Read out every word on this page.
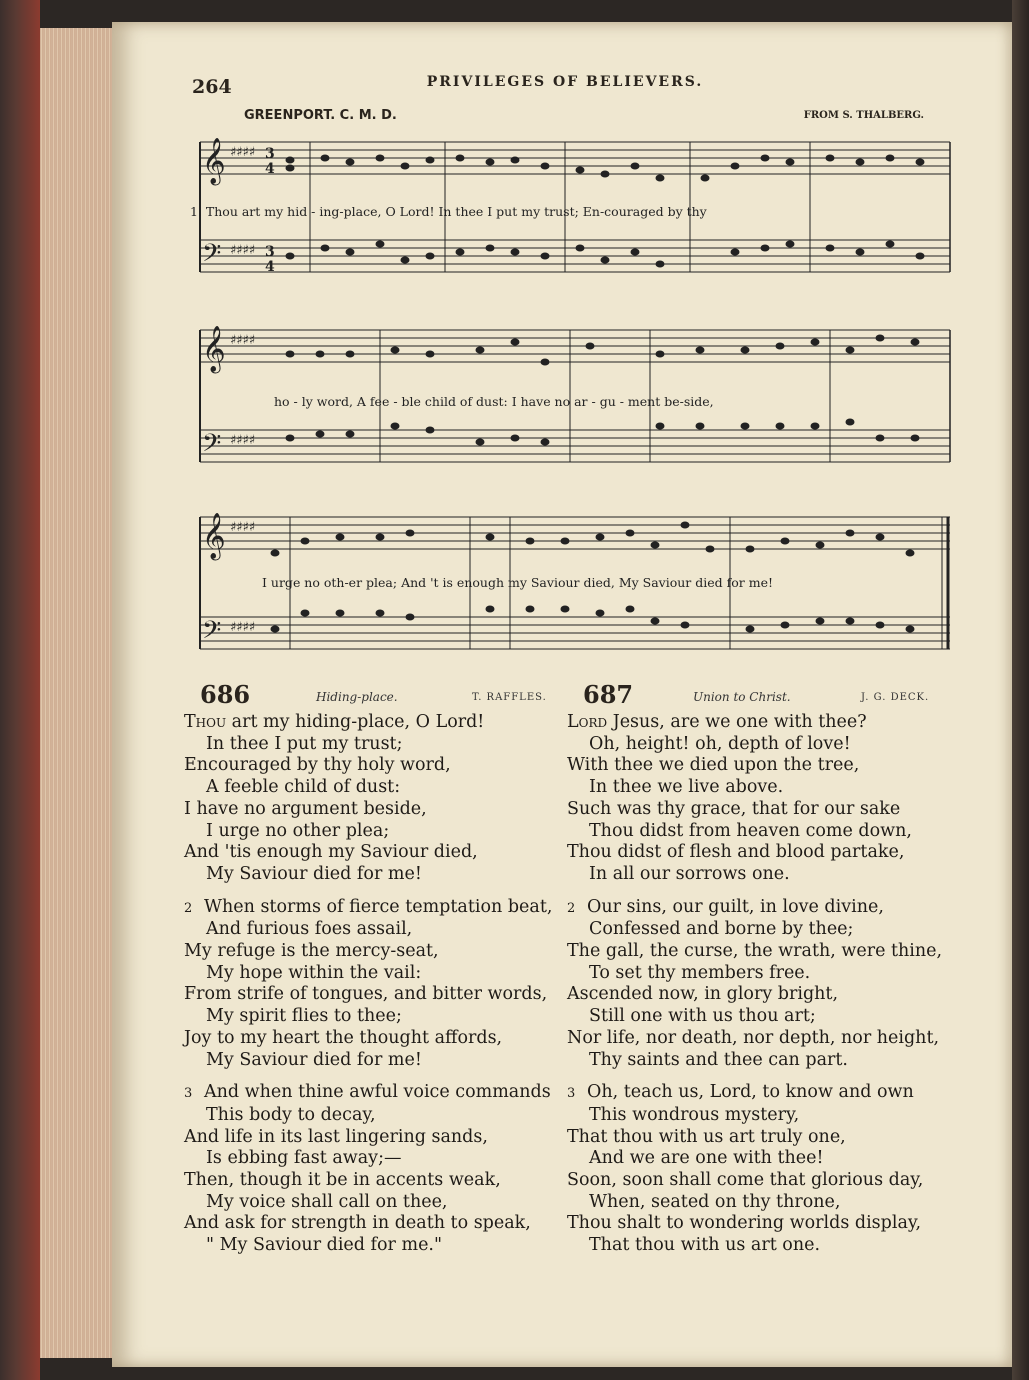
264	PRIVILEGES OF BELIEVERS.
GREENPORT. C. M. D.	FROM S. THALBERG.
𝄞
𝄢
♯♯♯♯
♯♯♯♯
3
4
3
4
1. Thou art my hid - ing-place, O Lord! In thee I put my trust; En-couraged by thy
𝄞
𝄢
♯♯♯♯
♯♯♯♯
ho - ly word, A fee - ble child of dust: I have no ar - gu - ment be-side,
𝄞
𝄢
♯♯♯♯
♯♯♯♯
I urge no oth-er plea; And 't is enough my Saviour died, My Saviour died for me!
686	Hiding-place.	T. RAFFLES. 687	Union to Christ.	J. G. DECK.
Thou art my hiding-place, O Lord!
In thee I put my trust;
Encouraged by thy holy word,
A feeble child of dust:
I have no argument beside,
I urge no other plea;
And 'tis enough my Saviour died,
My Saviour died for me!
2 When storms of fierce temptation beat,
And furious foes assail,
My refuge is the mercy-seat,
My hope within the vail:
From strife of tongues, and bitter words,
My spirit flies to thee;
Joy to my heart the thought affords,
My Saviour died for me!
3 And when thine awful voice commands
This body to decay,
And life in its last lingering sands,
Is ebbing fast away;—
Then, though it be in accents weak,
My voice shall call on thee,
And ask for strength in death to speak,
" My Saviour died for me."
Lord Jesus, are we one with thee?
Oh, height! oh, depth of love!
With thee we died upon the tree,
In thee we live above.
Such was thy grace, that for our sake
Thou didst from heaven come down,
Thou didst of flesh and blood partake,
In all our sorrows one.
2 Our sins, our guilt, in love divine,
Confessed and borne by thee;
The gall, the curse, the wrath, were thine,
To set thy members free.
Ascended now, in glory bright,
Still one with us thou art;
Nor life, nor death, nor depth, nor height,
Thy saints and thee can part.
3 Oh, teach us, Lord, to know and own
This wondrous mystery,
That thou with us art truly one,
And we are one with thee!
Soon, soon shall come that glorious day,
When, seated on thy throne,
Thou shalt to wondering worlds display,
That thou with us art one.
